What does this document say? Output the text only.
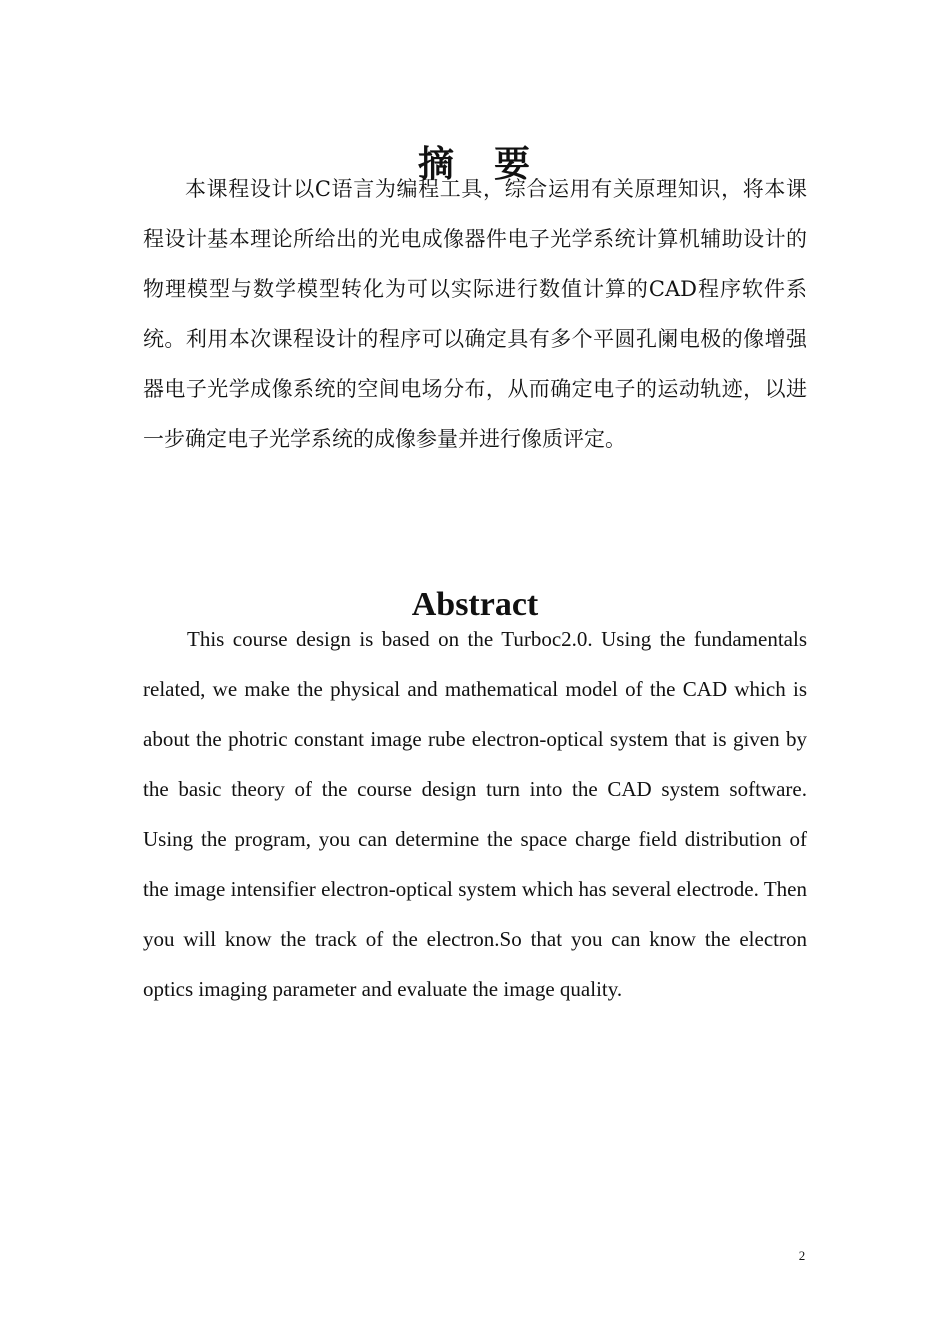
摘　要

本课程设计以C语言为编程工具，综合运用有关原理知识，将本课程设计基本理论所给出的光电成像器件电子光学系统计算机辅助设计的物理模型与数学模型转化为可以实际进行数值计算的CAD程序软件系统。利用本次课程设计的程序可以确定具有多个平圆孔阑电极的像增强器电子光学成像系统的空间电场分布，从而确定电子的运动轨迹，以进一步确定电子光学系统的成像参量并进行像质评定。

Abstract

This course design is based on the Turboc2.0. Using the fundamentals related, we make the physical and mathematical model of the CAD which is about the photric constant image rube electron-optical system that is given by the basic theory of the course design turn into the CAD system software. Using the program, you can determine the space charge field distribution of the image intensifier electron-optical system which has several electrode. Then you will know the track of the electron.So that you can know the electron optics imaging parameter and evaluate the image quality.

2
